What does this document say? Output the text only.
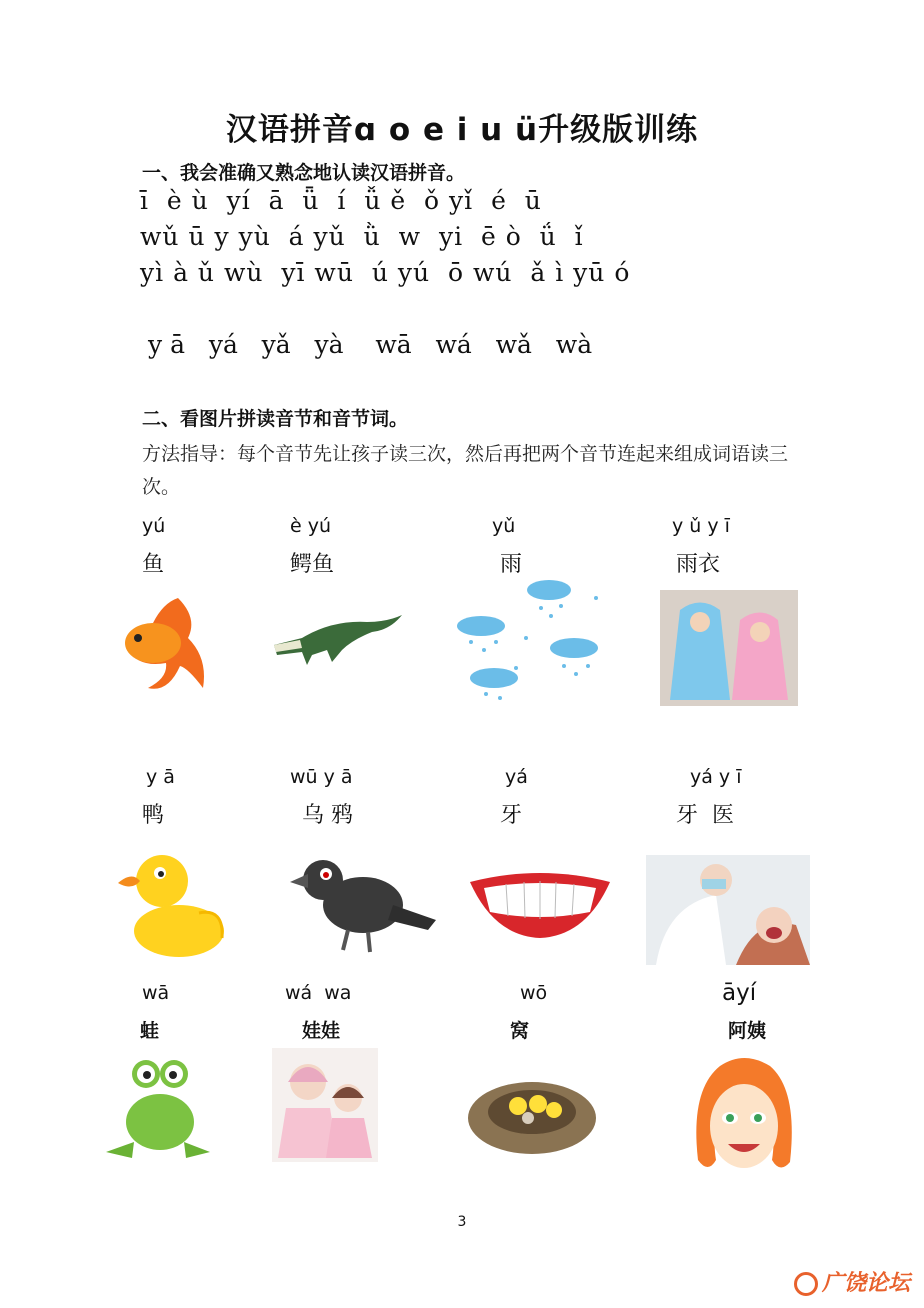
汉语拼音ɑ o e i u ü升级版训练
一、我会准确又熟念地认读汉语拼音。
ī  è ù  yí  ā  ǖ  í  ǚ ě  ǒ yǐ  é  ū
wǔ ū y yù  á yǔ  ǜ  w  yi  ē ò  ǘ  ǐ
yì à ǔ wù  yī wū  ú yú  ō wú  ǎ ì yū ó
y ā   yá   yǎ   yà    wā   wá   wǎ   wà
二、看图片拼读音节和音节词。
方法指导：每个音节先让孩子读三次，然后再把两个音节连起来组成词语读三次。
yú
鱼
è yú
鳄鱼
yǔ
雨
y ǔ y ī
雨衣
y ā
鸭
wū y ā
乌 鸦
yá
牙
yá y ī
牙  医
wā
蛙
wá  wa
娃娃
wō
窝
āyí
阿姨
3
广饶论坛
